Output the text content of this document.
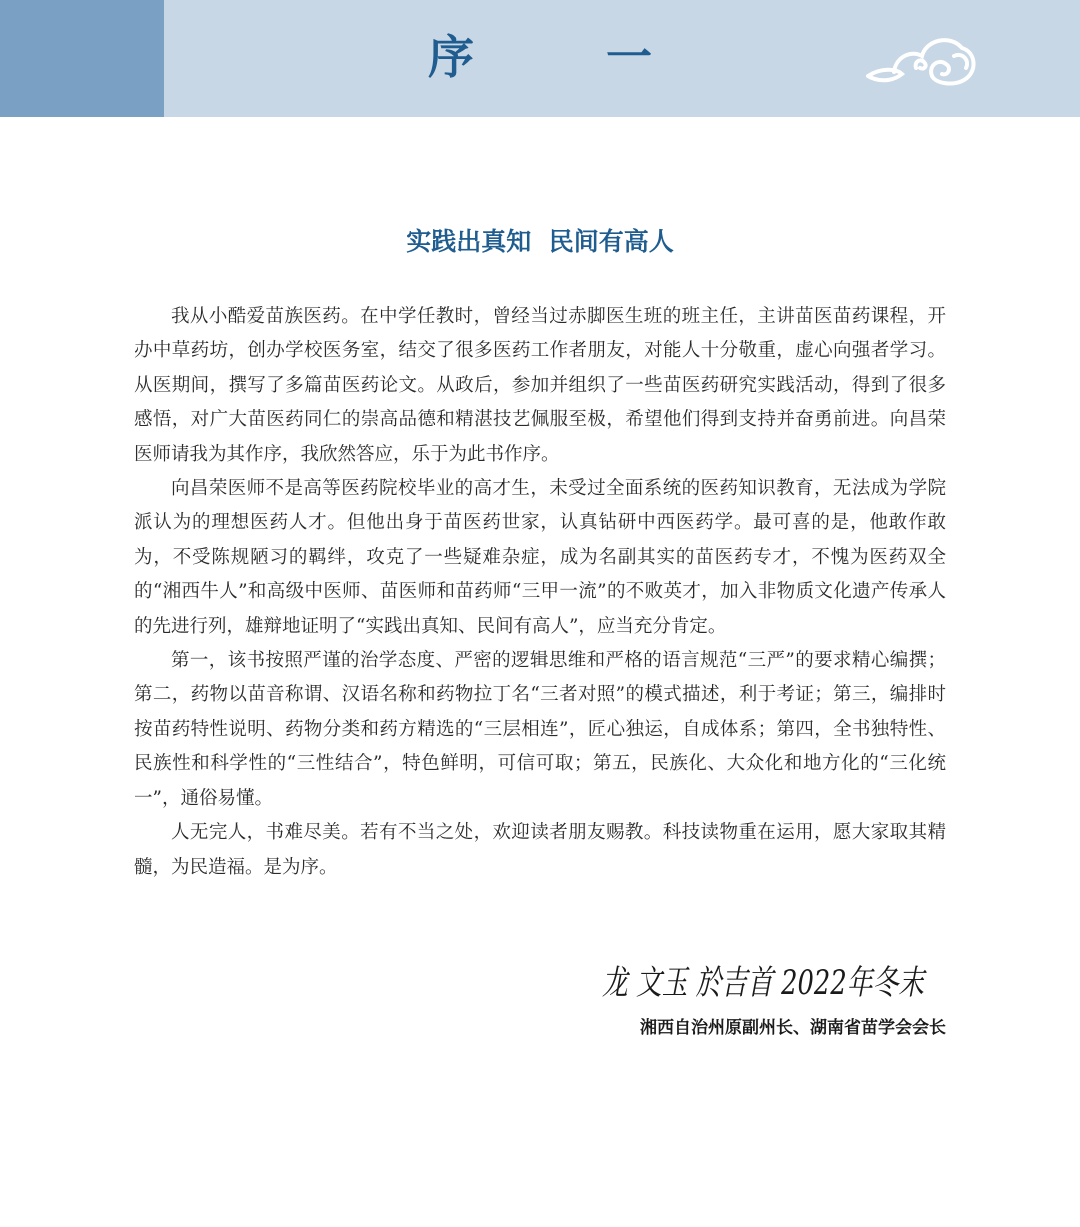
序 一
实践出真知  民间有高人

我从小酷爱苗族医药。在中学任教时，曾经当过赤脚医生班的班主任，主讲苗医苗药课程，开办中草药坊，创办学校医务室，结交了很多医药工作者朋友，对能人十分敬重，虚心向强者学习。从医期间，撰写了多篇苗医药论文。从政后，参加并组织了一些苗医药研究实践活动，得到了很多感悟，对广大苗医药同仁的崇高品德和精湛技艺佩服至极，希望他们得到支持并奋勇前进。向昌荣医师请我为其作序，我欣然答应，乐于为此书作序。

向昌荣医师不是高等医药院校毕业的高才生，未受过全面系统的医药知识教育，无法成为学院派认为的理想医药人才。但他出身于苗医药世家，认真钻研中西医药学。最可喜的是，他敢作敢为，不受陈规陋习的羁绊，攻克了一些疑难杂症，成为名副其实的苗医药专才，不愧为医药双全的“湘西牛人”和高级中医师、苗医师和苗药师“三甲一流”的不败英才，加入非物质文化遗产传承人的先进行列，雄辩地证明了“实践出真知、民间有高人”，应当充分肯定。

第一，该书按照严谨的治学态度、严密的逻辑思维和严格的语言规范“三严”的要求精心编撰；第二，药物以苗音称谓、汉语名称和药物拉丁名“三者对照”的模式描述，利于考证；第三，编排时按苗药特性说明、药物分类和药方精选的“三层相连”，匠心独运，自成体系；第四，全书独特性、民族性和科学性的“三性结合”，特色鲜明，可信可取；第五，民族化、大众化和地方化的“三化统一”，通俗易懂。

人无完人，书难尽美。若有不当之处，欢迎读者朋友赐教。科技读物重在运用，愿大家取其精髓，为民造福。是为序。

龙 文玉 於吉首 2022年冬末
湘西自治州原副州长、湖南省苗学会会长
